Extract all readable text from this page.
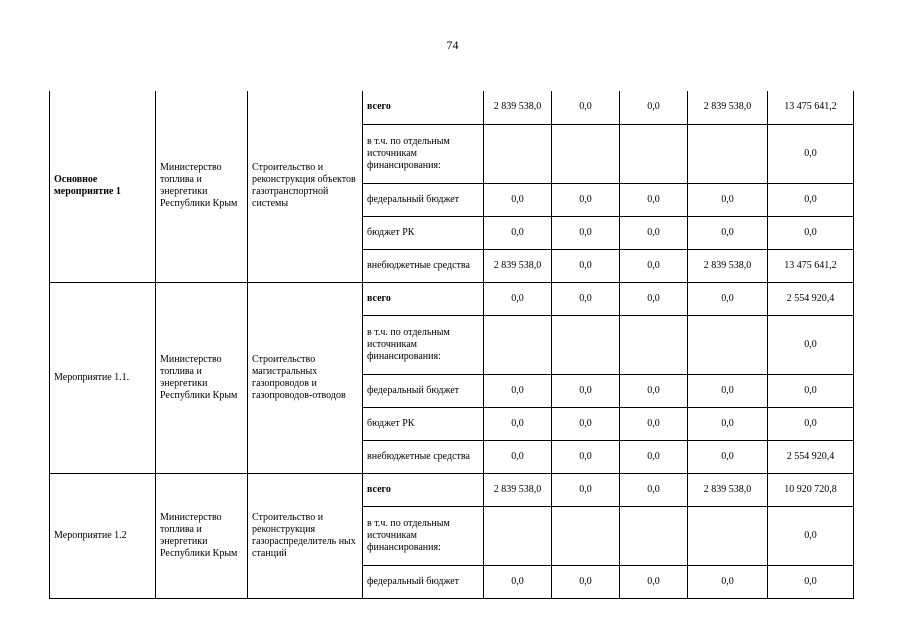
74
Основное мероприятие 1	Министерство топлива и энергетики Республики Крым	Строительство и реконструкция объектов газотранспортной системы	всего	2 839 538,0	0,0	0,0	2 839 538,0	13 475 641,2
			в т.ч. по отдельным источникам финансирования:					0,0
			федеральный бюджет	0,0	0,0	0,0	0,0	0,0
			бюджет РК	0,0	0,0	0,0	0,0	0,0
			внебюджетные средства	2 839 538,0	0,0	0,0	2 839 538,0	13 475 641,2
Мероприятие 1.1.	Министерство топлива и энергетики Республики Крым	Строительство магистральных газопроводов и газопроводов-отводов	всего	0,0	0,0	0,0	0,0	2 554 920,4
			в т.ч. по отдельным источникам финансирования:					0,0
			федеральный бюджет	0,0	0,0	0,0	0,0	0,0
			бюджет РК	0,0	0,0	0,0	0,0	0,0
			внебюджетные средства	0,0	0,0	0,0	0,0	2 554 920,4
Мероприятие 1.2	Министерство топлива и энергетики Республики Крым	Строительство и реконструкция газораспределитель ных станций	всего	2 839 538,0	0,0	0,0	2 839 538,0	10 920 720,8
			в т.ч. по отдельным источникам финансирования:					0,0
			федеральный бюджет	0,0	0,0	0,0	0,0	0,0
